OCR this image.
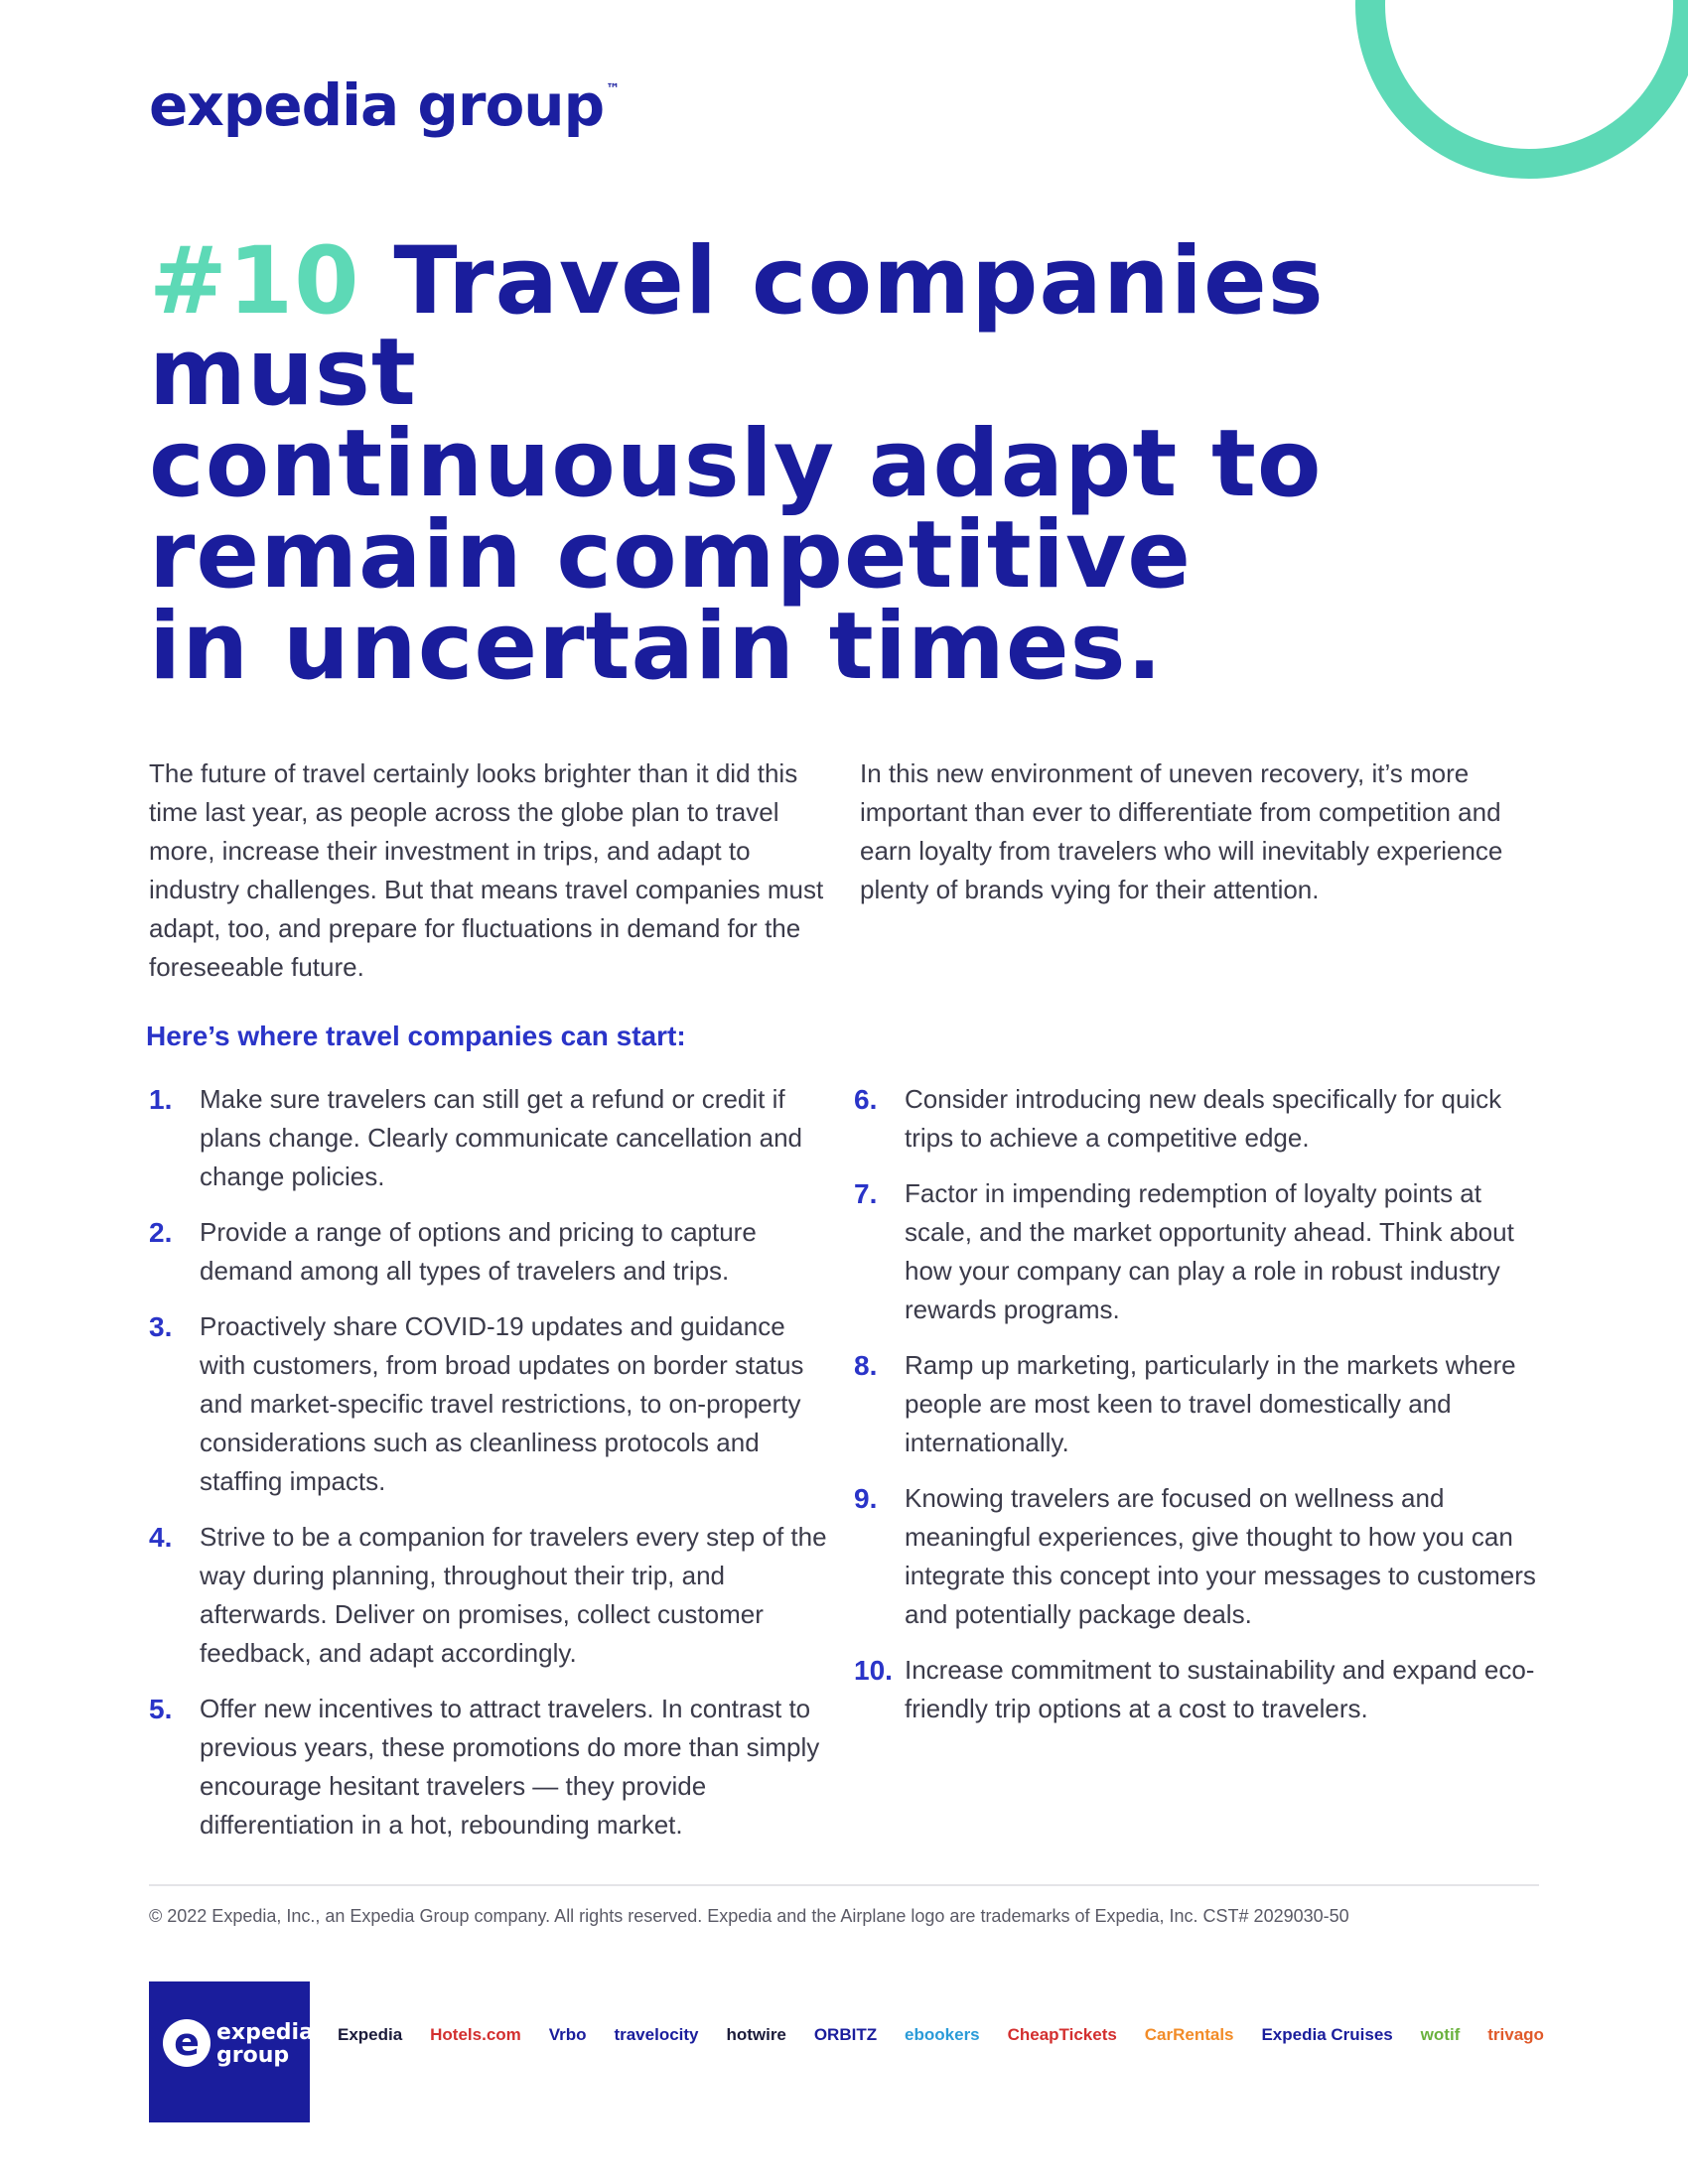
expedia group ™
#10 Travel companies must
continuously adapt to
remain competitive
in uncertain times.

The future of travel certainly looks brighter than it did this time last year, as people across the globe plan to travel more, increase their investment in trips, and adapt to industry challenges. But that means travel companies must adapt, too, and prepare for fluctuations in demand for the foreseeable future.

In this new environment of uneven recovery, it’s more important than ever to differentiate from competition and earn loyalty from travelers who will inevitably experience plenty of brands vying for their attention.

Here’s where travel companies can start:
1. Make sure travelers can still get a refund or credit if plans change. Clearly communicate cancellation and change policies.
2. Provide a range of options and pricing to capture demand among all types of travelers and trips.
3. Proactively share COVID-19 updates and guidance with customers, from broad updates on border status and market-specific travel restrictions, to on-property considerations such as cleanliness protocols and staffing impacts.
4. Strive to be a companion for travelers every step of the way during planning, throughout their trip, and afterwards. Deliver on promises, collect customer feedback, and adapt accordingly.
5. Offer new incentives to attract travelers. In contrast to previous years, these promotions do more than simply encourage hesitant travelers — they provide differentiation in a hot, rebounding market.
6. Consider introducing new deals specifically for quick trips to achieve a competitive edge.
7. Factor in impending redemption of loyalty points at scale, and the market opportunity ahead. Think about how your company can play a role in robust industry rewards programs.
8. Ramp up marketing, particularly in the markets where people are most keen to travel domestically and internationally.
9. Knowing travelers are focused on wellness and meaningful experiences, give thought to how you can integrate this concept into your messages to customers and potentially package deals.
10. Increase commitment to sustainability and expand eco-friendly trip options at a cost to travelers.
© 2022 Expedia, Inc., an Expedia Group company. All rights reserved. Expedia and the Airplane logo are trademarks of Expedia, Inc. CST# 2029030-50
e expedia
group
Expedia Hotels.com Vrbo travelocity hotwire ORBITZ ebookers CheapTickets CarRentals Expedia Cruises wotif trivago
